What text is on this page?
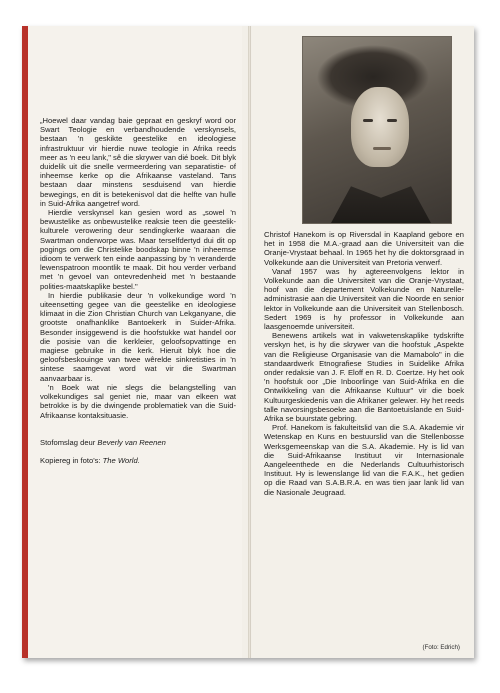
„Hoewel daar vandag baie gepraat en geskryf word oor Swart Teologie en verbandhoudende verskynsels, bestaan 'n geskikte geestelike en ideologiese infrastruktuur vir hierdie nuwe teologie in Afrika reeds meer as 'n eeu lank," sê die skrywer van dié boek. Dit blyk duidelik uit die snelle vermeerdering van separatistie- of inheemse kerke op die Afrikaanse vasteland. Tans bestaan daar minstens sesduisend van hierdie bewegings, en dit is betekenisvol dat die helfte van hulle in Suid-Afrika aangetref word.

Hierdie verskynsel kan gesien word as „sowel 'n bewustelike as onbewustelike reaksie teen die geestelik-kulturele verowering deur sendingkerke waaraan die Swartman onderworpe was. Maar terselfdertyd dui dit op pogings om die Christelike boodskap binne 'n inheemse idioom te verwerk ten einde aanpassing by 'n veranderde lewenspatroon moontlik te maak. Dit hou verder verband met 'n gevoel van ontevredenheid met 'n bestaande polities-maatskaplike bestel."

In hierdie publikasie deur 'n volkekundige word 'n uiteensetting gegee van die geestelike en ideologiese klimaat in die Zion Christian Church van Lekganyane, die grootste onafhanklike Bantoekerk in Suider-Afrika. Besonder insiggewend is die hoofstukke wat handel oor die posisie van die kerkleier, geloofsopvattinge en magiese gebruike in die kerk. Hieruit blyk hoe die geloofsbeskouinge van twee wêrelde sinkretisties in 'n sintese saamgevat word wat vir die Swartman aanvaarbaar is.

'n Boek wat nie slegs die belangstelling van volkekundiges sal geniet nie, maar van elkeen wat betrokke is by die dwingende problematiek van die Suid-Afrikaanse kontaksituasie.

Stofomslag deur Beverly van Reenen

Kopiereg in foto's: The World.

Christof Hanekom is op Riversdal in Kaapland gebore en het in 1958 die M.A.-graad aan die Universiteit van die Oranje-Vrystaat behaal. In 1965 het hy die doktorsgraad in Volkekunde aan die Universiteit van Pretoria verwerf.

Vanaf 1957 was hy agtereenvolgens lektor in Volkekunde aan die Universiteit van die Oranje-Vrystaat, hoof van die departement Volkekunde en Naturelle-administrasie aan die Universiteit van die Noorde en senior lektor in Volkekunde aan die Universiteit van Stellenbosch. Sedert 1969 is hy professor in Volkekunde aan laasgenoemde universiteit.

Benewens artikels wat in vakwetenskaplike tydskrifte verskyn het, is hy die skrywer van die hoofstuk „Aspekte van die Religieuse Organisasie van die Mamabolo" in die standaardwerk Etnografiese Studies in Suidelike Afrika onder redaksie van J. F. Eloff en R. D. Coertze. Hy het ook 'n hoofstuk oor „Die Inboorlinge van Suid-Afrika en die Ontwikkeling van die Afrikaanse Kultuur" vir die boek Kultuurgeskiedenis van die Afrikaner gelewer. Hy het reeds talle navorsingsbesoeke aan die Bantoetuislande en Suid-Afrika se buurstate gebring.

Prof. Hanekom is fakulteitslid van die S.A. Akademie vir Wetenskap en Kuns en bestuurslid van die Stellenbosse Werksgemeenskap van die S.A. Akademie. Hy is lid van die Suid-Afrikaanse Instituut vir Internasionale Aangeleenthede en die Nederlands Cultuurhistorisch Instituut. Hy is lewenslange lid van die F.A.K., het gedien op die Raad van S.A.B.R.A. en was tien jaar lank lid van die Nasionale Jeugraad.

(Foto: Edrich)
